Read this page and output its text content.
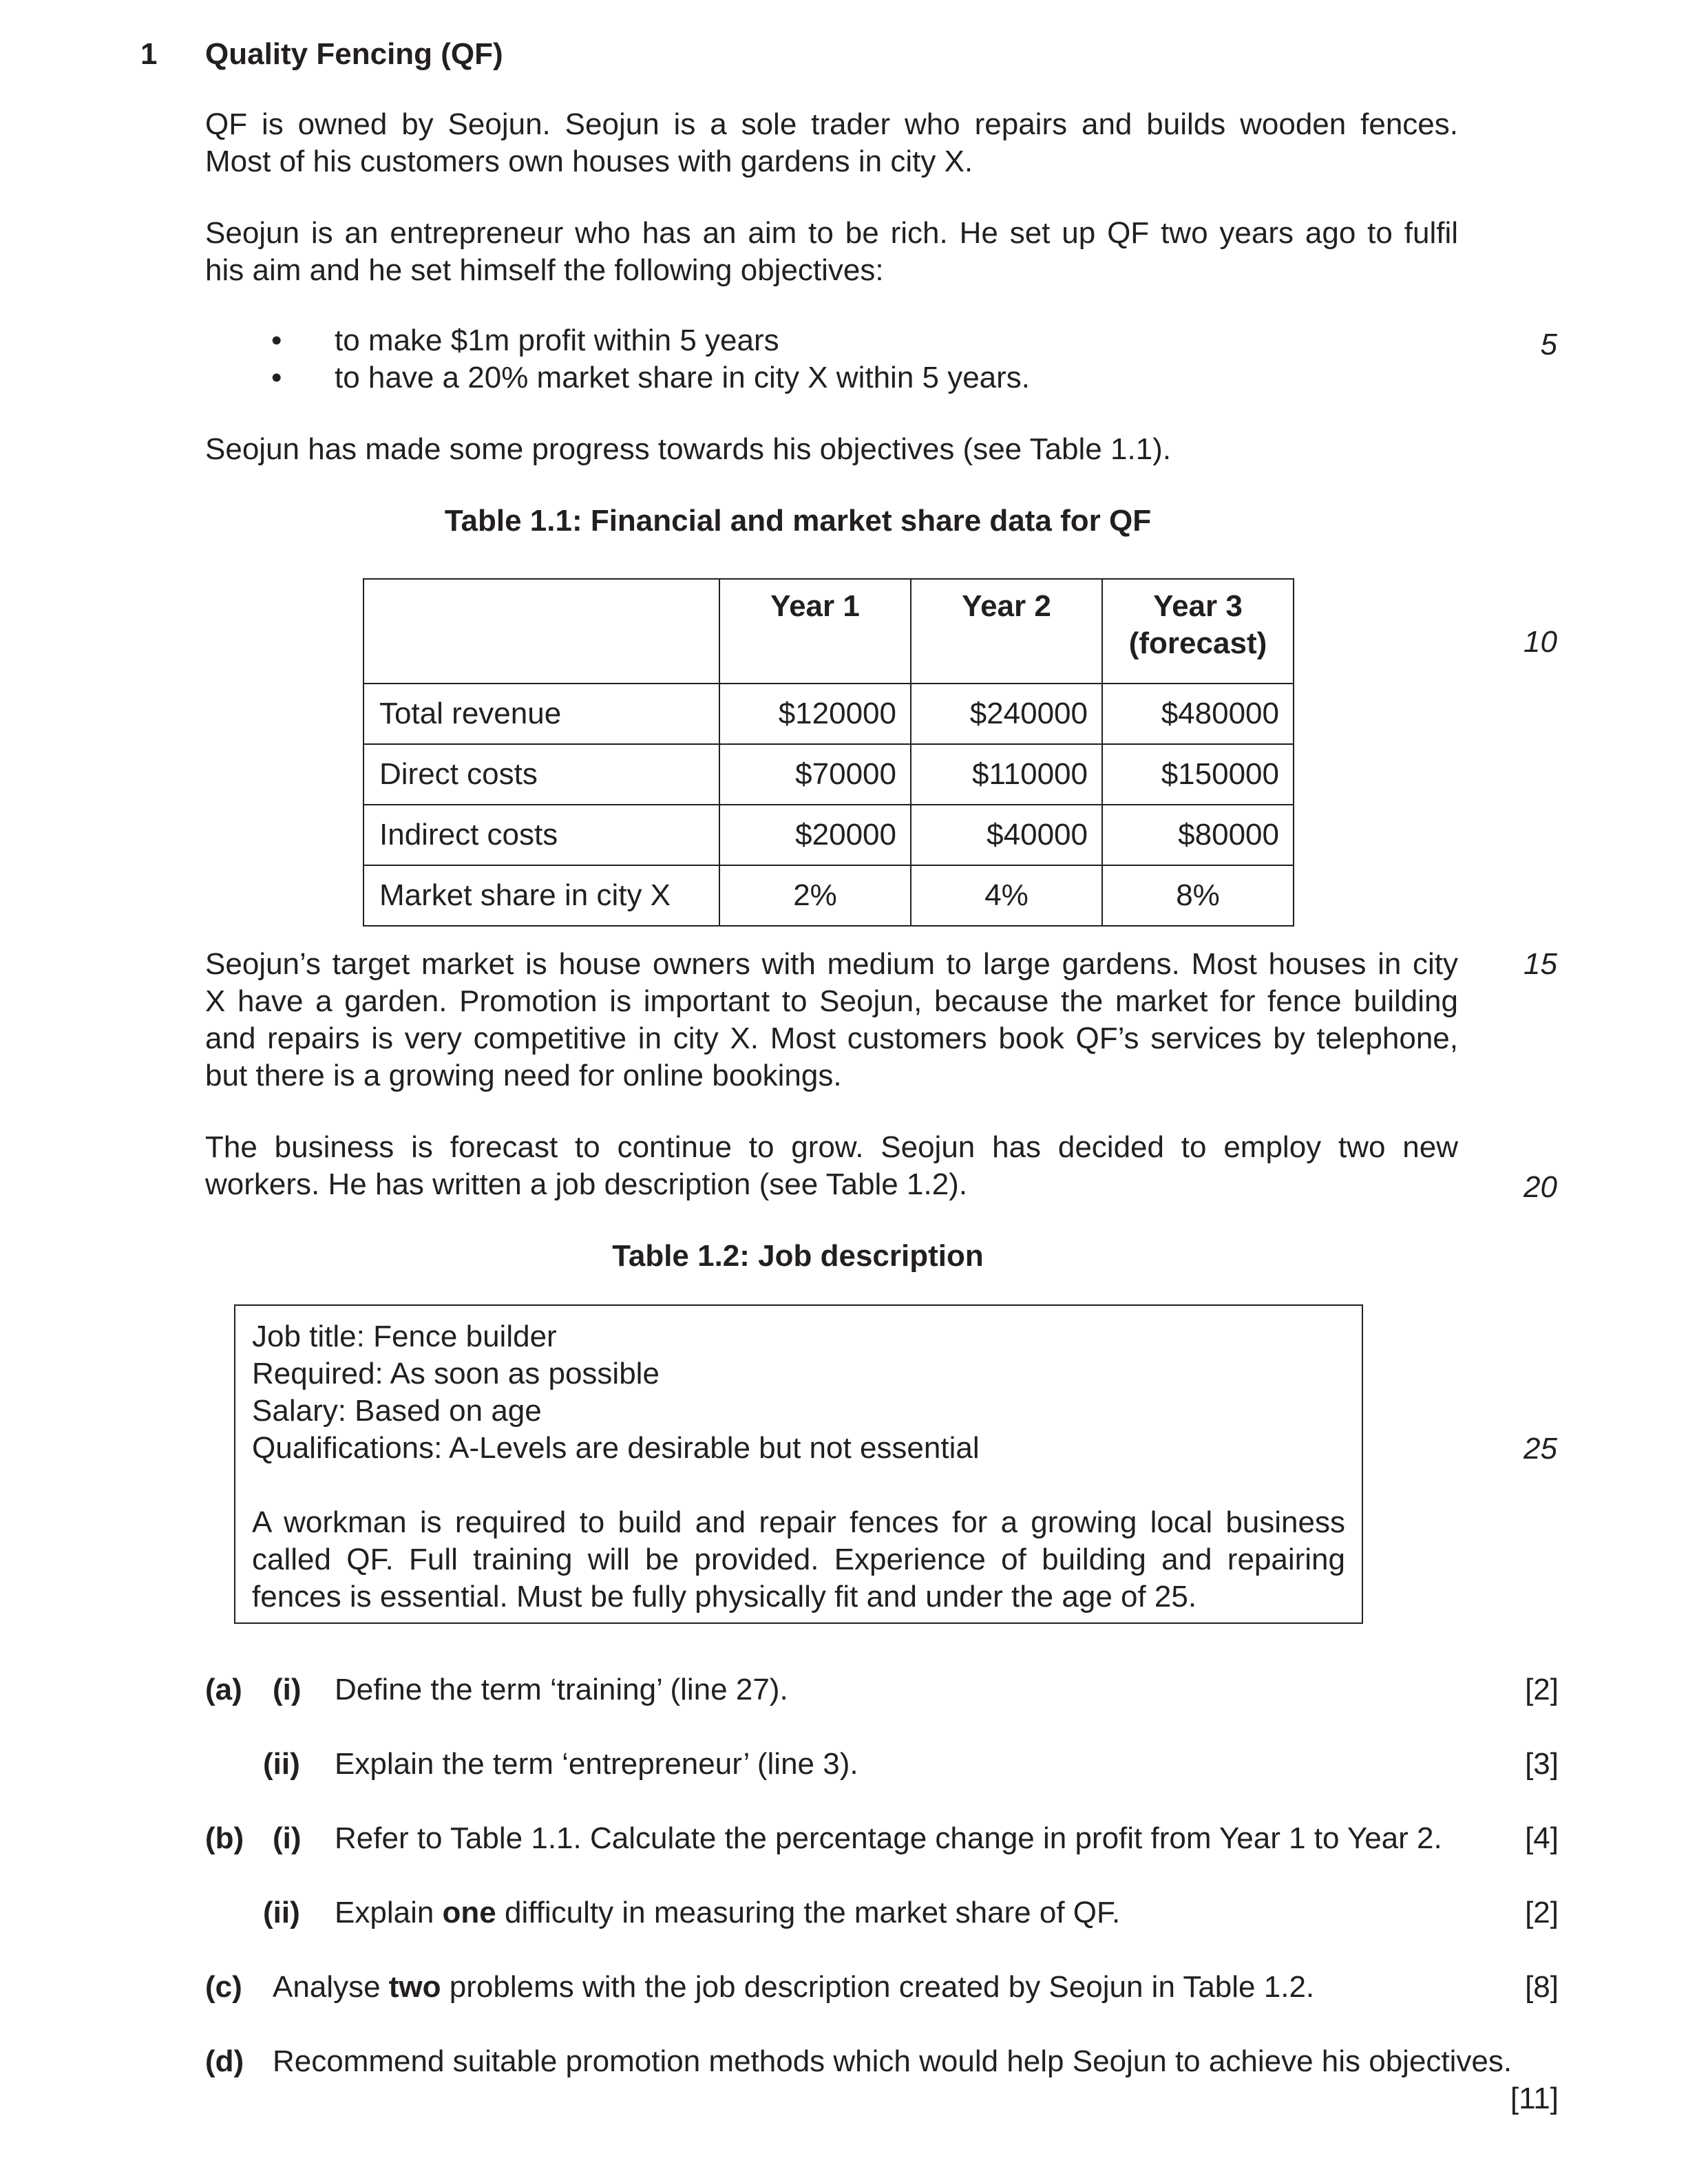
1 Quality Fencing (QF)
QF is owned by Seojun. Seojun is a sole trader who repairs and builds wooden fences.
Most of his customers own houses with gardens in city X.
Seojun is an entrepreneur who has an aim to be rich. He set up QF two years ago to fulfil
his aim and he set himself the following objectives:
• to make $1m profit within 5 years
• to have a 20% market share in city X within 5 years.
Seojun has made some progress towards his objectives (see Table 1.1).
Table 1.1: Financial and market share data for QF
	Year 1	Year 2	Year 3
(forecast)

Total revenue	$120000	$240000	$480000
Direct costs	$70000	$110000	$150000
Indirect costs	$20000	$40000	$80000
Market share in city X	2%	4%	8%
Seojun’s target market is house owners with medium to large gardens. Most houses in city
X have a garden. Promotion is important to Seojun, because the market for fence building
and repairs is very competitive in city X. Most customers book QF’s services by telephone,
but there is a growing need for online bookings.
The business is forecast to continue to grow. Seojun has decided to employ two new
workers. He has written a job description (see Table 1.2).
Table 1.2: Job description
Job title: Fence builder
Required: As soon as possible
Salary: Based on age
Qualifications: A-Levels are desirable but not essential
A workman is required to build and repair fences for a growing local business
called QF. Full training will be provided. Experience of building and repairing
fences is essential. Must be fully physically fit and under the age of 25.
5
10
15
20
25
(a) (i) Define the term ‘training’ (line 27).	[2]
(ii) Explain the term ‘entrepreneur’ (line 3).	[3]
(b) (i) Refer to Table 1.1. Calculate the percentage change in profit from Year 1 to Year 2.	[4]
(ii) Explain one difficulty in measuring the market share of QF.	[2]
(c) Analyse two problems with the job description created by Seojun in Table 1.2.	[8]
(d) Recommend suitable promotion methods which would help Seojun to achieve his objectives.
[11]
